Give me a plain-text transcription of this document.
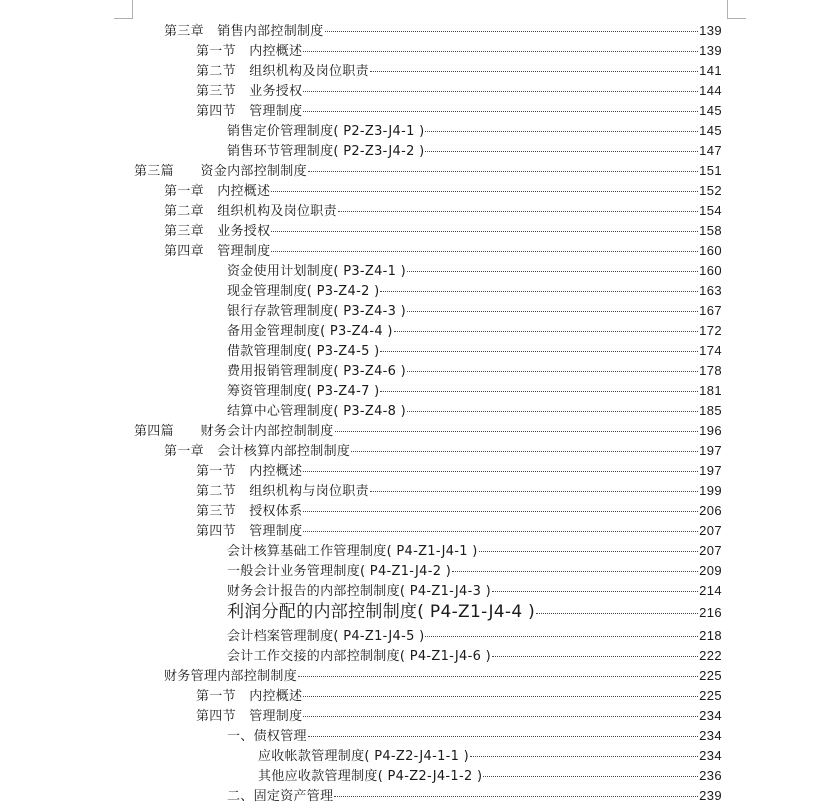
第三章　销售内部控制制度	139
第一节　内控概述	139
第二节　组织机构及岗位职责	141
第三节　业务授权	144
第四节　管理制度	145
销售定价管理制度( P2-Z3-J4-1 )	145
销售环节管理制度( P2-Z3-J4-2 )	147
第三篇　　资金内部控制制度	151
第一章　内控概述	152
第二章　组织机构及岗位职责	154
第三章　业务授权	158
第四章　管理制度	160
资金使用计划制度( P3-Z4-1 )	160
现金管理制度( P3-Z4-2 )	163
银行存款管理制度( P3-Z4-3 )	167
备用金管理制度( P3-Z4-4 )	172
借款管理制度( P3-Z4-5 )	174
费用报销管理制度( P3-Z4-6 )	178
筹资管理制度( P3-Z4-7 )	181
结算中心管理制度( P3-Z4-8 )	185
第四篇　　财务会计内部控制制度	196
第一章　会计核算内部控制制度	197
第一节　内控概述	197
第二节　组织机构与岗位职责	199
第三节　授权体系	206
第四节　管理制度	207
会计核算基础工作管理制度( P4-Z1-J4-1 )	207
一般会计业务管理制度( P4-Z1-J4-2 )	209
财务会计报告的内部控制制度( P4-Z1-J4-3 )	214
利润分配的内部控制制度( P4-Z1-J4-4 )	216
会计档案管理制度( P4-Z1-J4-5 )	218
会计工作交接的内部控制制度( P4-Z1-J4-6 )	222
财务管理内部控制制度	225
第一节　内控概述	225
第四节　管理制度	234
一、债权管理	234
应收帐款管理制度( P4-Z2-J4-1-1 )	234
其他应收款管理制度( P4-Z2-J4-1-2 )	236
二、固定资产管理	239
